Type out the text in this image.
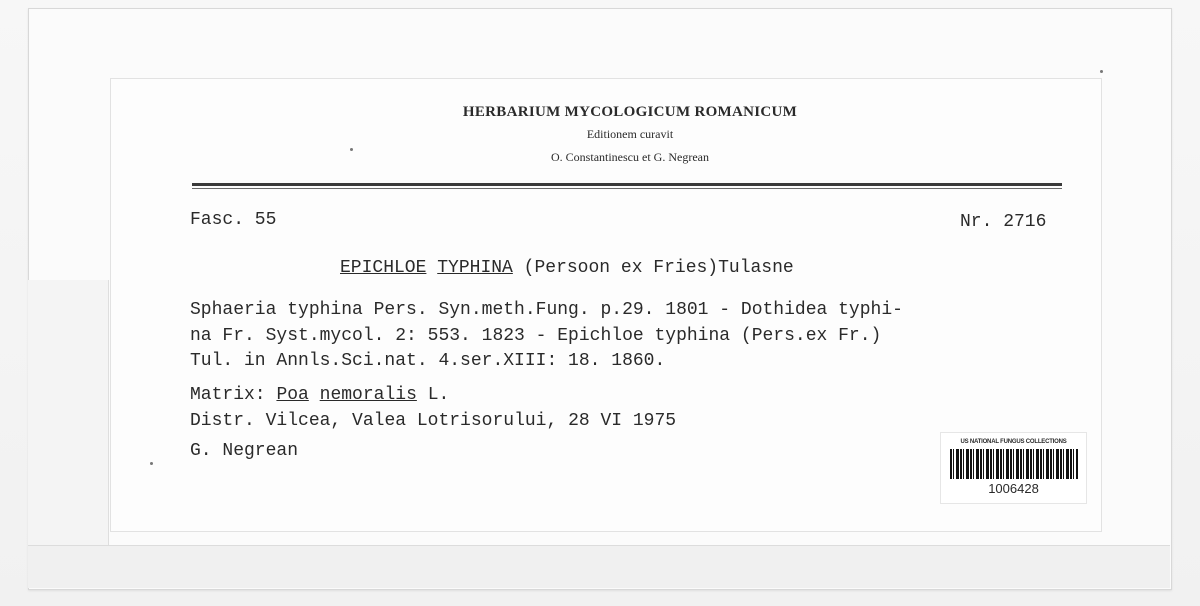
HERBARIUM MYCOLOGICUM ROMANICUM
Editionem curavit
O. Constantinescu et G. Negrean
Fasc. 55	Nr. 2716
EPICHLOE TYPHINA (Persoon ex Fries)Tulasne
Sphaeria typhina Pers. Syn.meth.Fung. p.29. 1801 - Dothidea typhi-
na Fr. Syst.mycol. 2: 553. 1823 - Epichloe typhina (Pers.ex Fr.)
Tul. in Annls.Sci.nat. 4.ser.XIII: 18. 1860.
Matrix: Poa nemoralis L.
Distr. Vilcea, Valea Lotrisorului, 28 VI 1975
G. Negrean	US NATIONAL FUNGUS COLLECTIONS
1006428
